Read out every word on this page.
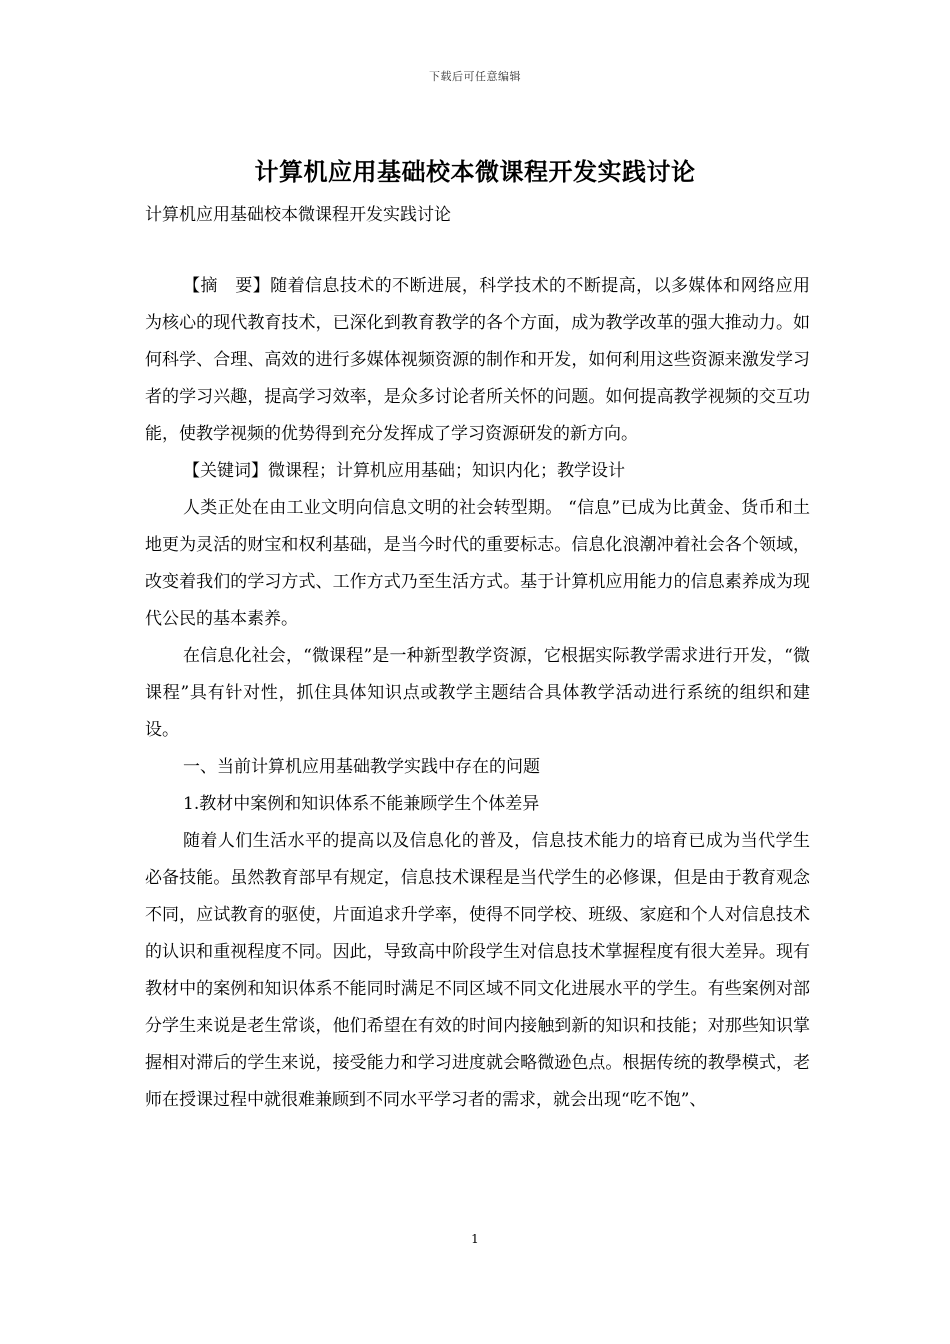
下载后可任意编辑
计算机应用基础校本微课程开发实践讨论
计算机应用基础校本微课程开发实践讨论

【摘　要】随着信息技术的不断进展，科学技术的不断提高，以多媒体和网络应用为核心的现代教育技术，已深化到教育教学的各个方面，成为教学改革的强大推动力。如何科学、合理、高效的进行多媒体视频资源的制作和开发，如何利用这些资源来激发学习者的学习兴趣，提高学习效率，是众多讨论者所关怀的问题。如何提高教学视频的交互功能，使教学视频的优势得到充分发挥成了学习资源研发的新方向。

【关键词】微课程；计算机应用基础；知识内化；教学设计

人类正处在由工业文明向信息文明的社会转型期。 “信息”已成为比黄金、货币和土地更为灵活的财宝和权利基础，是当今时代的重要标志。信息化浪潮冲着社会各个领域，改变着我们的学习方式、工作方式乃至生活方式。基于计算机应用能力的信息素养成为现代公民的基本素养。

在信息化社会，“微课程”是一种新型教学资源，它根据实际教学需求进行开发，“微课程”具有针对性，抓住具体知识点或教学主题结合具体教学活动进行系统的组织和建设。

一、当前计算机应用基础教学实践中存在的问题

1.教材中案例和知识体系不能兼顾学生个体差异

随着人们生活水平的提高以及信息化的普及，信息技术能力的培育已成为当代学生必备技能。虽然教育部早有规定，信息技术课程是当代学生的必修课，但是由于教育观念不同，应试教育的驱使，片面追求升学率，使得不同学校、班级、家庭和个人对信息技术的认识和重视程度不同。因此，导致高中阶段学生对信息技术掌握程度有很大差异。现有教材中的案例和知识体系不能同时满足不同区域不同文化进展水平的学生。有些案例对部分学生来说是老生常谈，他们希望在有效的时间内接触到新的知识和技能；对那些知识掌握相对滞后的学生来说，接受能力和学习进度就会略微逊色点。根据传统的教學模式，老师在授课过程中就很难兼顾到不同水平学习者的需求，就会出现“吃不饱”、

1
